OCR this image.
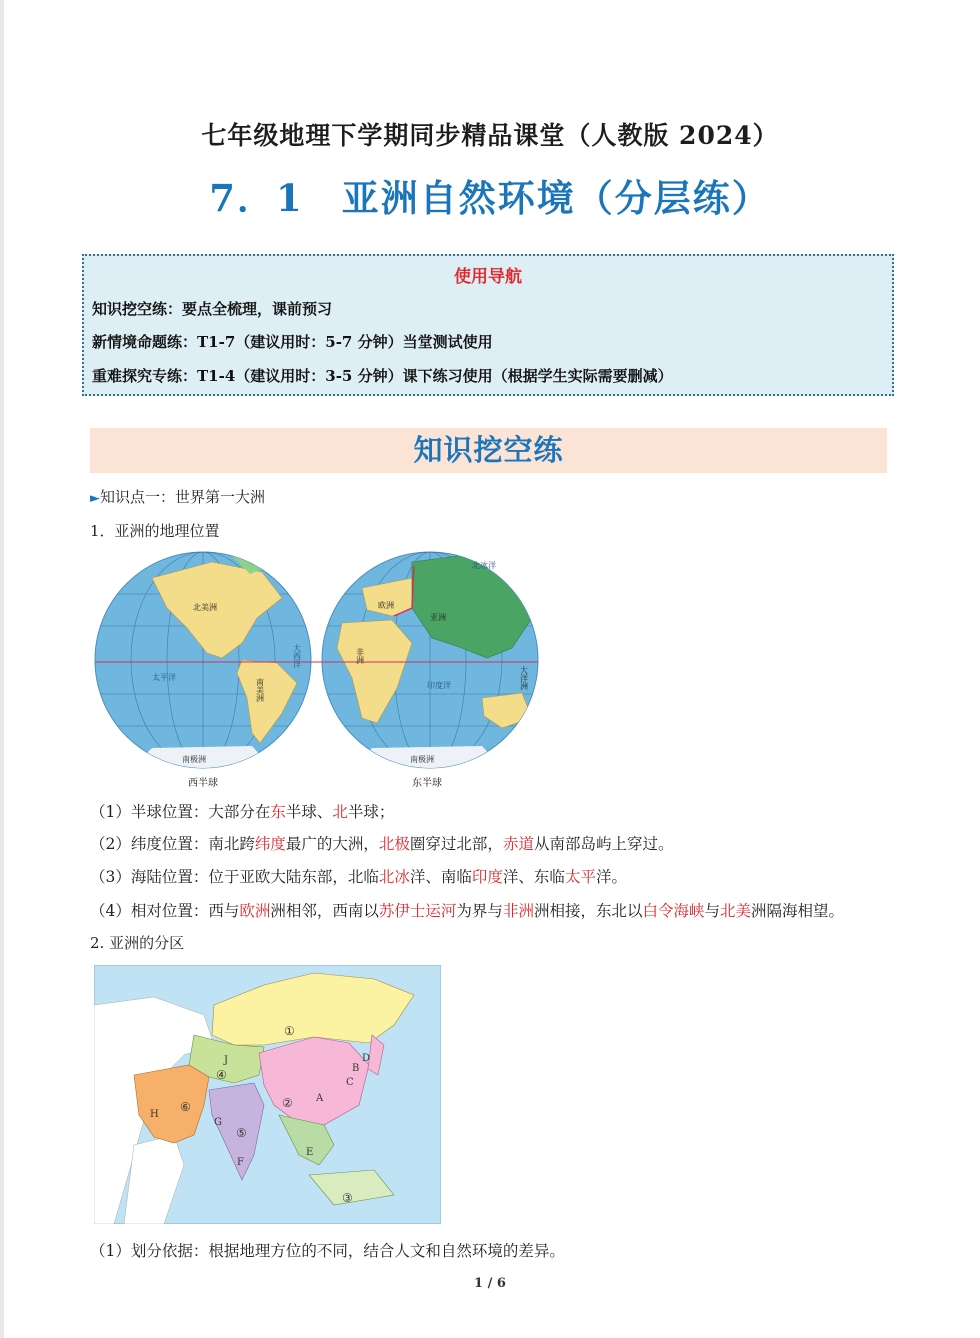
七年级地理下学期同步精品课堂（人教版 2024）
7．1 亚洲自然环境（分层练）
使用导航
知识挖空练：要点全梳理，课前预习
新情境命题练：T1-7（建议用时：5-7 分钟）当堂测试使用
重难探究专练：T1-4（建议用时：3-5 分钟）课下练习使用（根据学生实际需要删减）
知识挖空练
►知识点一：世界第一大洲
1．亚洲的地理位置
北美洲
南美洲
欧洲
亚洲
非洲
大洋洲
南极洲	南极洲
太平洋
印度洋
大西洋
北冰洋
西半球	东半球
（1）半球位置：大部分在东半球、北半球；
（2）纬度位置：南北跨纬度最广的大洲，北极圈穿过北部，赤道从南部岛屿上穿过。
（3）海陆位置：位于亚欧大陆东部，北临北冰洋、南临印度洋、东临太平洋。
（4）相对位置：西与欧洲洲相邻，西南以苏伊士运河为界与非洲洲相接，东北以白令海峡与北美洲隔海相望。
2. 亚洲的分区
①
②
③
④
⑤
⑥
A
B
C
D
E
F
G
H
J
（1）划分依据：根据地理方位的不同，结合人文和自然环境的差异。
1 / 6
